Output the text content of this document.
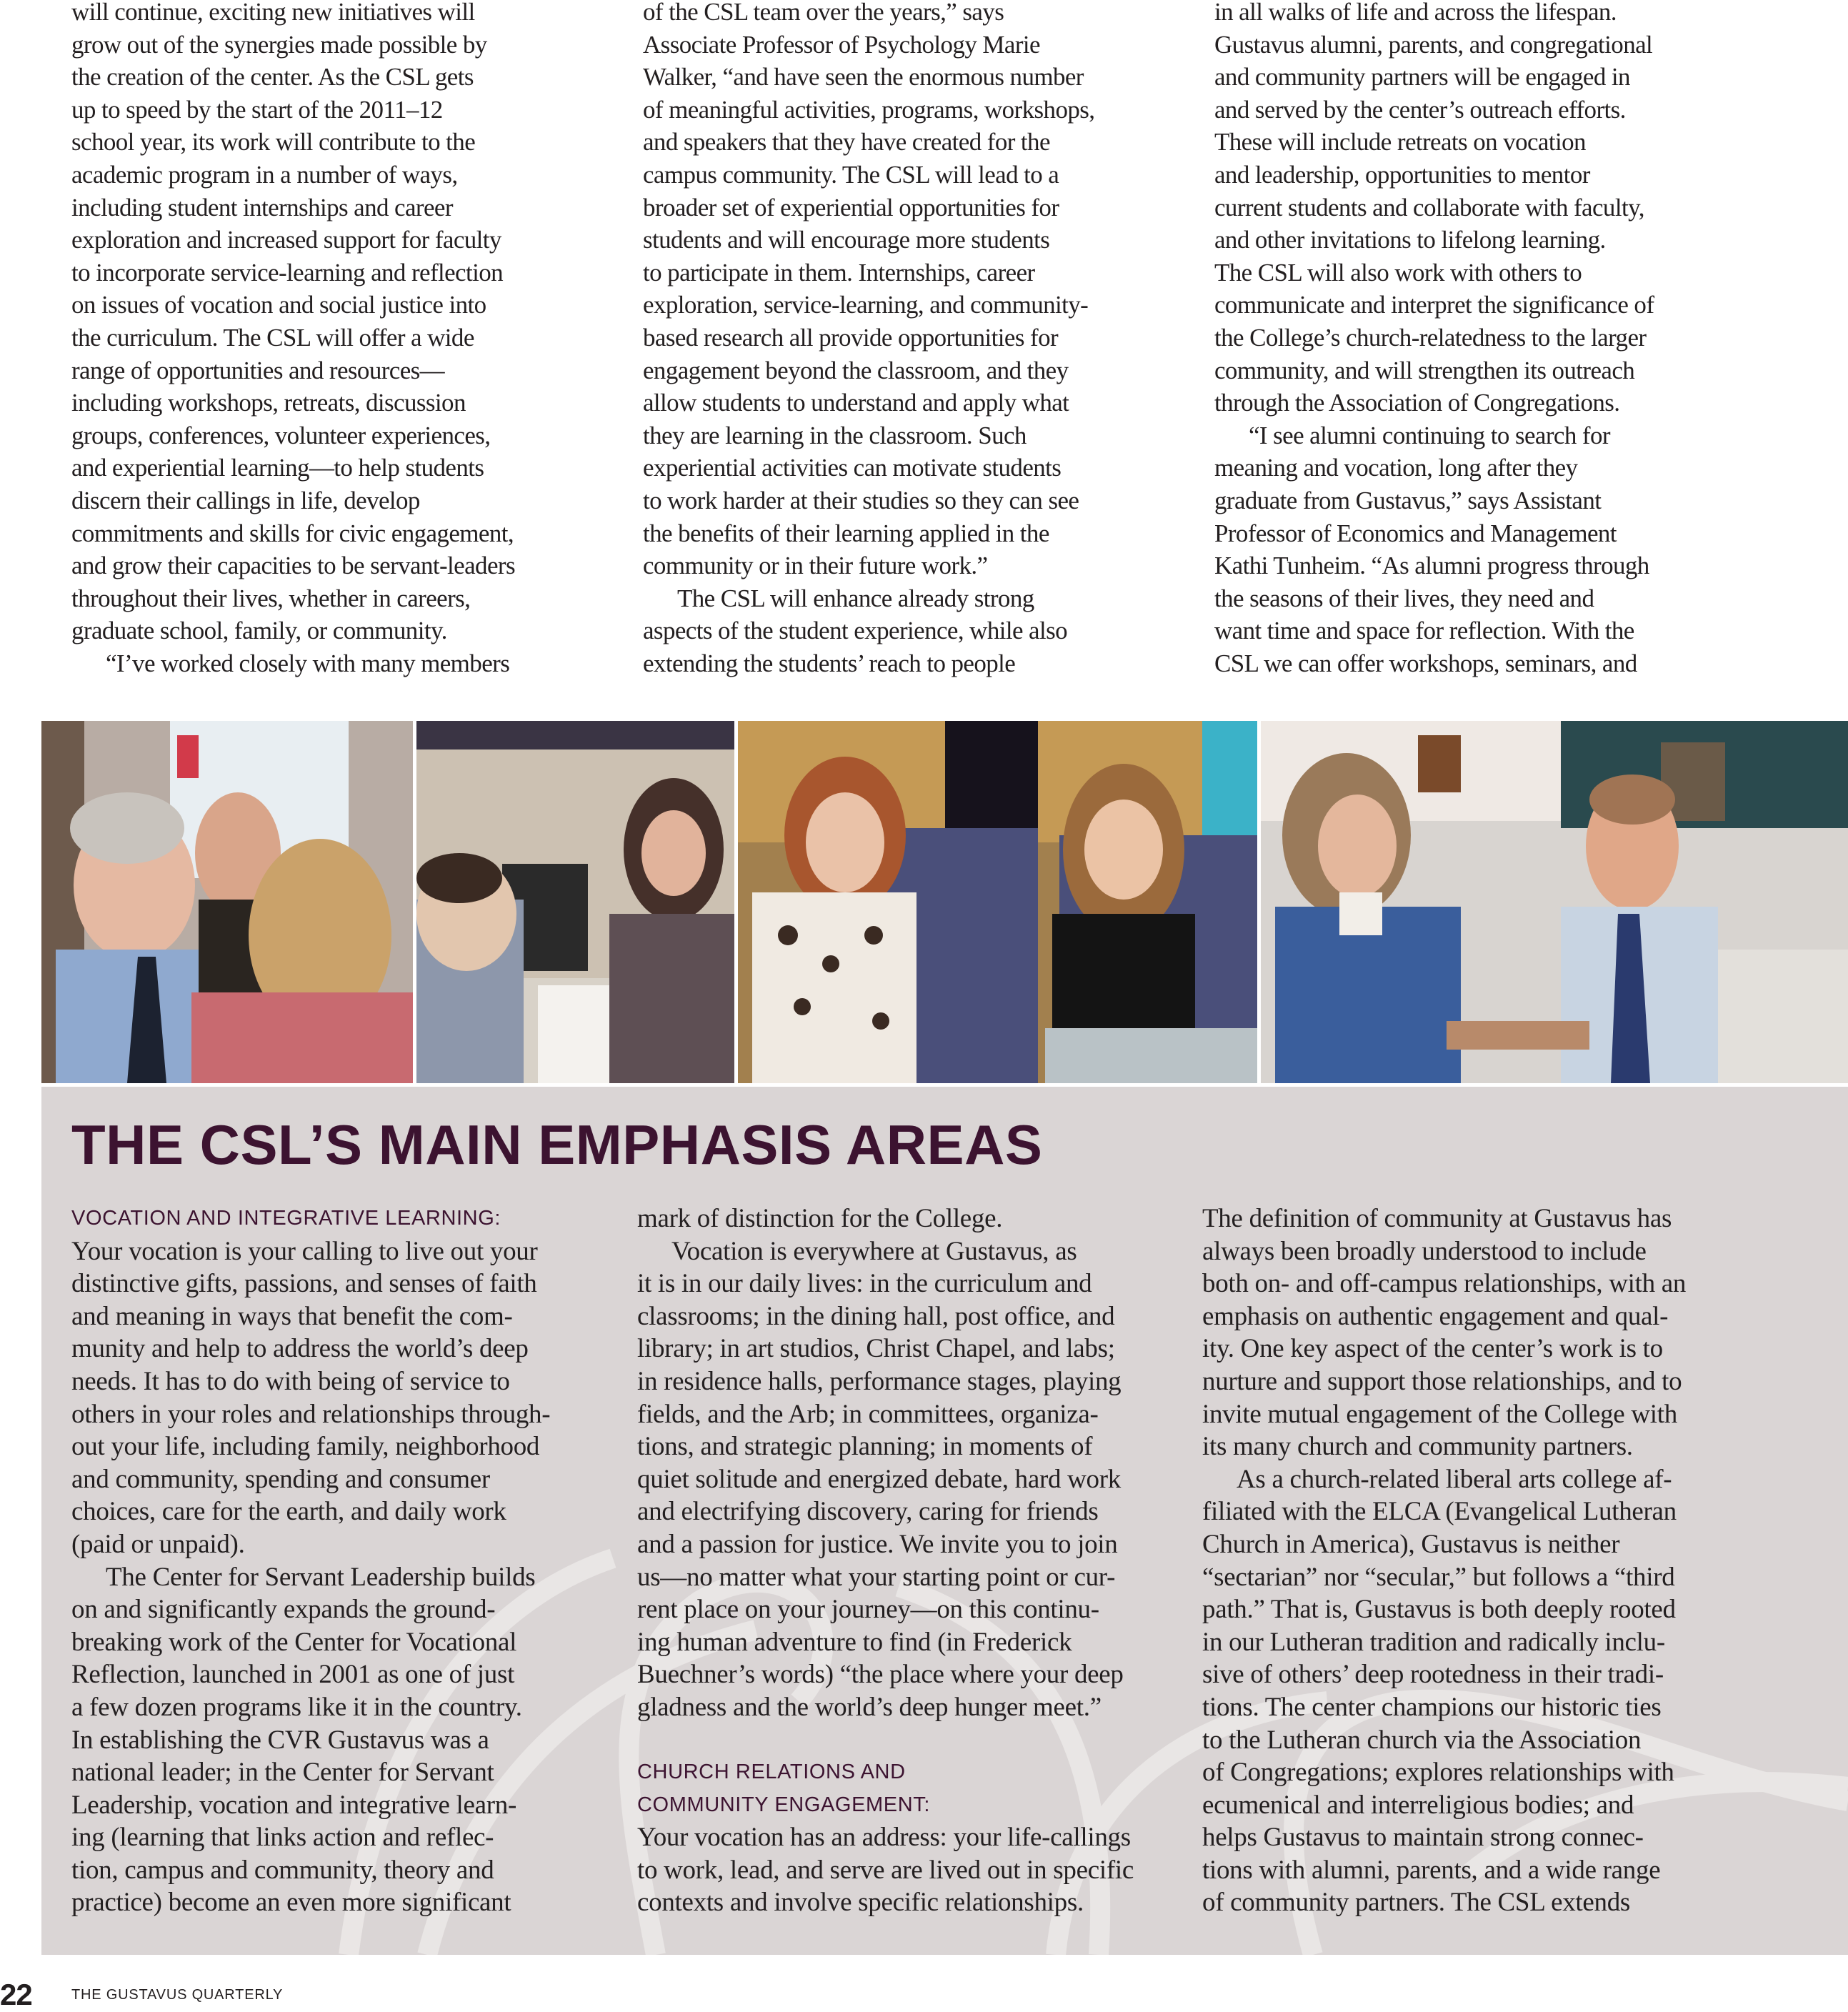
will continue, exciting new initiatives will
grow out of the synergies made possible by
the creation of the center. As the CSL gets
up to speed by the start of the 2011–12
school year, its work will contribute to the
academic program in a number of ways,
including student internships and career
exploration and increased support for faculty
to incorporate service-learning and reflection
on issues of vocation and social justice into
the curriculum. The CSL will offer a wide
range of opportunities and resources—
including workshops, retreats, discussion
groups, conferences, volunteer experiences,
and experiential learning—to help students
discern their callings in life, develop
commitments and skills for civic engagement,
and grow their capacities to be servant-leaders
throughout their lives, whether in careers,
graduate school, family, or community.
“I’ve worked closely with many members
of the CSL team over the years,” says
Associate Professor of Psychology Marie
Walker, “and have seen the enormous number
of meaningful activities, programs, workshops,
and speakers that they have created for the
campus community. The CSL will lead to a
broader set of experiential opportunities for
students and will encourage more students
to participate in them. Internships, career
exploration, service-learning, and community-
based research all provide opportunities for
engagement beyond the classroom, and they
allow students to understand and apply what
they are learning in the classroom. Such
experiential activities can motivate students
to work harder at their studies so they can see
the benefits of their learning applied in the
community or in their future work.”
The CSL will enhance already strong
aspects of the student experience, while also
extending the students’ reach to people
in all walks of life and across the lifespan.
Gustavus alumni, parents, and congregational
and community partners will be engaged in
and served by the center’s outreach efforts.
These will include retreats on vocation
and leadership, opportunities to mentor
current students and collaborate with faculty,
and other invitations to lifelong learning.
The CSL will also work with others to
communicate and interpret the significance of
the College’s church-relatedness to the larger
community, and will strengthen its outreach
through the Association of Congregations.
“I see alumni continuing to search for
meaning and vocation, long after they
graduate from Gustavus,” says Assistant
Professor of Economics and Management
Kathi Tunheim. “As alumni progress through
the seasons of their lives, they need and
want time and space for reflection. With the
CSL we can offer workshops, seminars, and
THE CSL’S MAIN EMPHASIS AREAS
VOCATION AND INTEGRATIVE LEARNING:
Your vocation is your calling to live out your
distinctive gifts, passions, and senses of faith
and meaning in ways that benefit the com-
munity and help to address the world’s deep
needs. It has to do with being of service to
others in your roles and relationships through-
out your life, including family, neighborhood
and community, spending and consumer
choices, care for the earth, and daily work
(paid or unpaid).
The Center for Servant Leadership builds
on and significantly expands the ground-
breaking work of the Center for Vocational
Reflection, launched in 2001 as one of just
a few dozen programs like it in the country.
In establishing the CVR Gustavus was a
national leader; in the Center for Servant
Leadership, vocation and integrative learn-
ing (learning that links action and reflec-
tion, campus and community, theory and
practice) become an even more significant
mark of distinction for the College.
Vocation is everywhere at Gustavus, as
it is in our daily lives: in the curriculum and
classrooms; in the dining hall, post office, and
library; in art studios, Christ Chapel, and labs;
in residence halls, performance stages, playing
fields, and the Arb; in committees, organiza-
tions, and strategic planning; in moments of
quiet solitude and energized debate, hard work
and electrifying discovery, caring for friends
and a passion for justice. We invite you to join
us—no matter what your starting point or cur-
rent place on your journey—on this continu-
ing human adventure to find (in Frederick
Buechner’s words) “the place where your deep
gladness and the world’s deep hunger meet.”
CHURCH RELATIONS AND
COMMUNITY ENGAGEMENT:
Your vocation has an address: your life-callings
to work, lead, and serve are lived out in specific
contexts and involve specific relationships.
The definition of community at Gustavus has
always been broadly understood to include
both on- and off-campus relationships, with an
emphasis on authentic engagement and qual-
ity. One key aspect of the center’s work is to
nurture and support those relationships, and to
invite mutual engagement of the College with
its many church and community partners.
As a church-related liberal arts college af-
filiated with the ELCA (Evangelical Lutheran
Church in America), Gustavus is neither
“sectarian” nor “secular,” but follows a “third
path.” That is, Gustavus is both deeply rooted
in our Lutheran tradition and radically inclu-
sive of others’ deep rootedness in their tradi-
tions. The center champions our historic ties
to the Lutheran church via the Association
of Congregations; explores relationships with
ecumenical and interreligious bodies; and
helps Gustavus to maintain strong connec-
tions with alumni, parents, and a wide range
of community partners. The CSL extends
22	THE GUSTAVUS QUARTERLY
